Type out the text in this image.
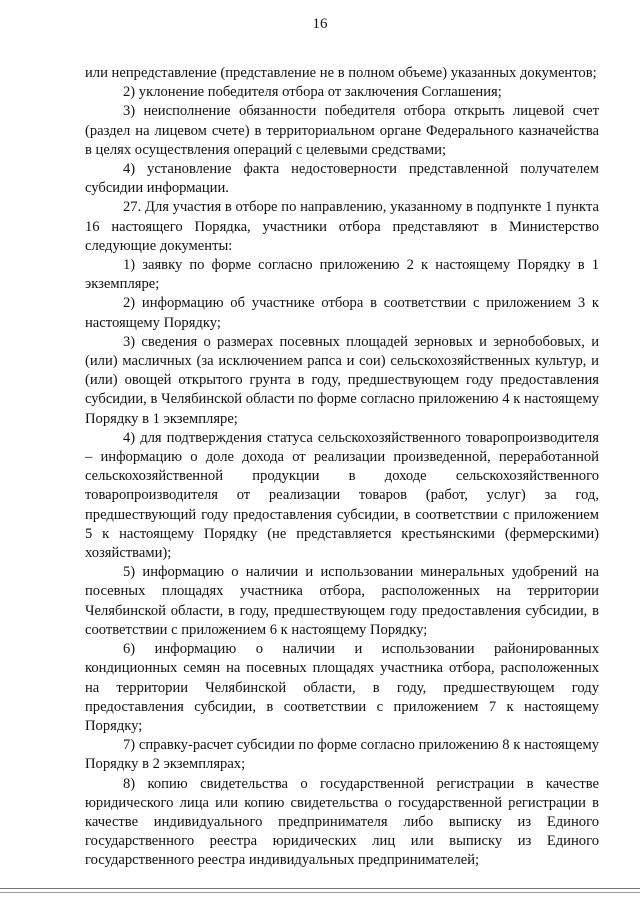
16

или непредставление (представление не в полном объеме) указанных документов;

2) уклонение победителя отбора от заключения Соглашения;

3) неисполнение обязанности победителя отбора открыть лицевой счет (раздел на лицевом счете) в территориальном органе Федерального казначейства в целях осуществления операций с целевыми средствами;

4) установление факта недостоверности представленной получателем субсидии информации.

27. Для участия в отборе по направлению, указанному в подпункте 1 пункта 16 настоящего Порядка, участники отбора представляют в Министерство следующие документы:

1) заявку по форме согласно приложению 2 к настоящему Порядку в 1 экземпляре;

2) информацию об участнике отбора в соответствии с приложением 3 к настоящему Порядку;

3) сведения о размерах посевных площадей зерновых и зернобобовых, и (или) масличных (за исключением рапса и сои) сельскохозяйственных культур, и (или) овощей открытого грунта в году, предшествующем году предоставления субсидии, в Челябинской области по форме согласно приложению 4 к настоящему Порядку в 1 экземпляре;

4) для подтверждения статуса сельскохозяйственного товаропроизводителя – информацию о доле дохода от реализации произведенной, переработанной сельскохозяйственной продукции в доходе сельскохозяйственного товаропроизводителя от реализации товаров (работ, услуг) за год, предшествующий году предоставления субсидии, в соответствии с приложением 5 к настоящему Порядку (не представляется крестьянскими (фермерскими) хозяйствами);

5) информацию о наличии и использовании минеральных удобрений на посевных площадях участника отбора, расположенных на территории Челябинской области, в году, предшествующем году предоставления субсидии, в соответствии с приложением 6 к настоящему Порядку;

6) информацию о наличии и использовании районированных кондиционных семян на посевных площадях участника отбора, расположенных на территории Челябинской области, в году, предшествующем году предоставления субсидии, в соответствии с приложением 7 к настоящему Порядку;

7) справку-расчет субсидии по форме согласно приложению 8 к настоящему Порядку в 2 экземплярах;

8) копию свидетельства о государственной регистрации в качестве юридического лица или копию свидетельства о государственной регистрации в качестве индивидуального предпринимателя либо выписку из Единого государственного реестра юридических лиц или выписку из Единого государственного реестра индивидуальных предпринимателей;
